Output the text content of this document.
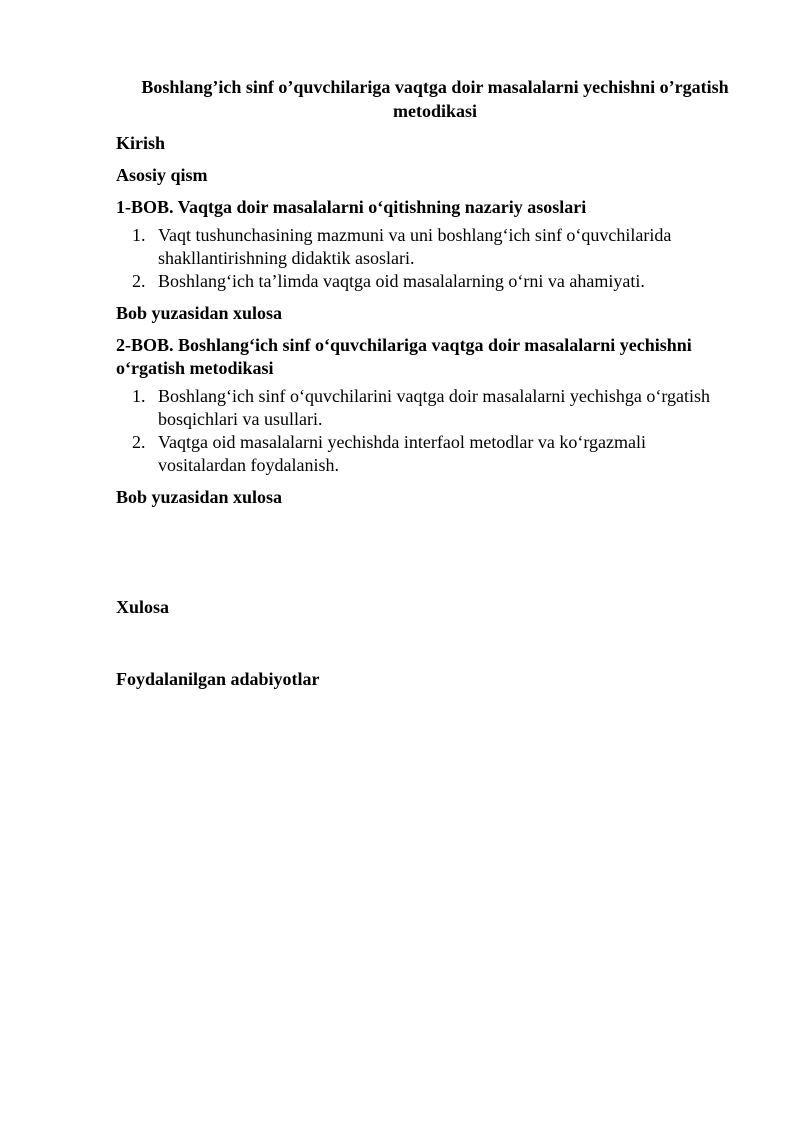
Boshlang’ich sinf o’quvchilariga vaqtga doir masalalarni yechishni o’rgatish
metodikasi
Kirish
Asosiy qism
1-BOB. Vaqtga doir masalalarni o‘qitishning nazariy asoslari
1. Vaqt tushunchasining mazmuni va uni boshlang‘ich sinf o‘quvchilarida
shakllantirishning didaktik asoslari.
2. Boshlang‘ich ta’limda vaqtga oid masalalarning o‘rni va ahamiyati.
Bob yuzasidan xulosa
2-BOB. Boshlang‘ich sinf o‘quvchilariga vaqtga doir masalalarni yechishni
o‘rgatish metodikasi
1. Boshlang‘ich sinf o‘quvchilarini vaqtga doir masalalarni yechishga o‘rgatish
bosqichlari va usullari.
2. Vaqtga oid masalalarni yechishda interfaol metodlar va ko‘rgazmali
vositalardan foydalanish.
Bob yuzasidan xulosa
Xulosa
Foydalanilgan adabiyotlar
